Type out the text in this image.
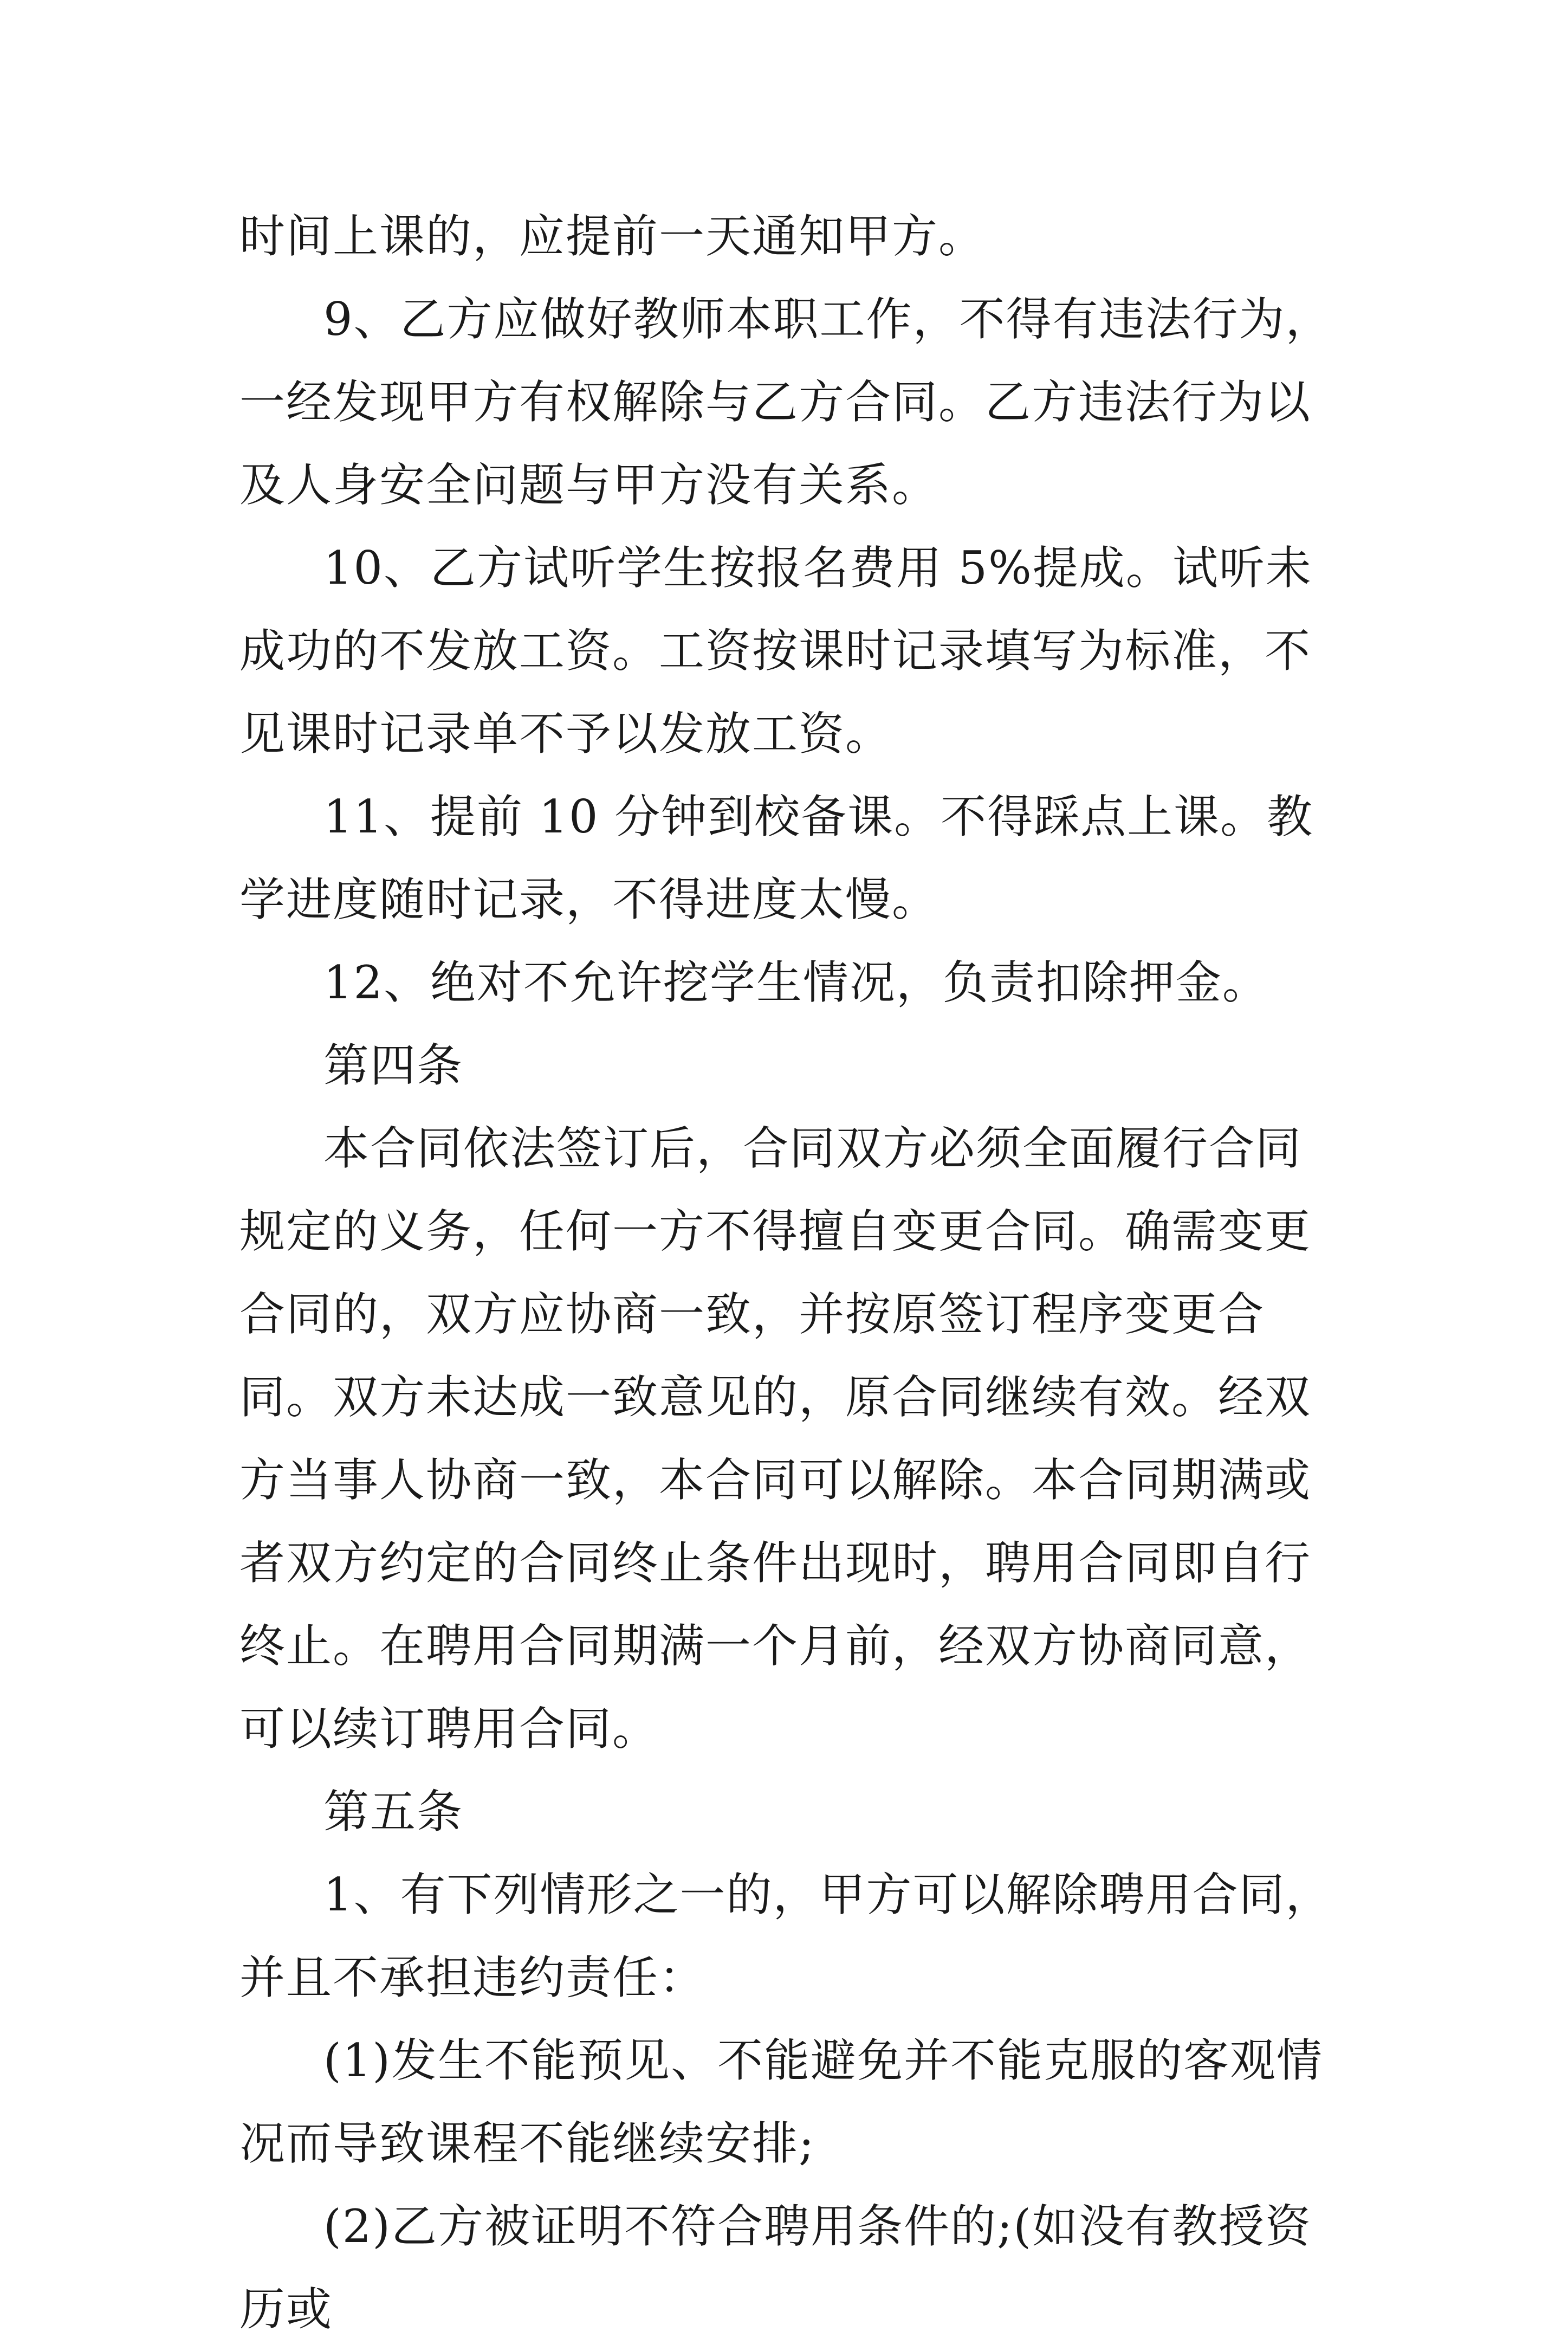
时间上课的，应提前一天通知甲方。

9、乙方应做好教师本职工作，不得有违法行为，一经发现甲方有权解除与乙方合同。乙方违法行为以及人身安全问题与甲方没有关系。

10、乙方试听学生按报名费用 5%提成。试听未成功的不发放工资。工资按课时记录填写为标准，不见课时记录单不予以发放工资。

11、提前 10 分钟到校备课。不得踩点上课。教学进度随时记录，不得进度太慢。

12、绝对不允许挖学生情况，负责扣除押金。

第四条

本合同依法签订后，合同双方必须全面履行合同规定的义务，任何一方不得擅自变更合同。确需变更合同的，双方应协商一致，并按原签订程序变更合同。双方未达成一致意见的，原合同继续有效。经双方当事人协商一致，本合同可以解除。本合同期满或者双方约定的合同终止条件出现时，聘用合同即自行终止。在聘用合同期满一个月前，经双方协商同意，可以续订聘用合同。

第五条

1、有下列情形之一的，甲方可以解除聘用合同，并且不承担违约责任：

(1)发生不能预见、不能避免并不能克服的客观情况而导致课程不能继续安排;

(2)乙方被证明不符合聘用条件的;(如没有教授资历或
